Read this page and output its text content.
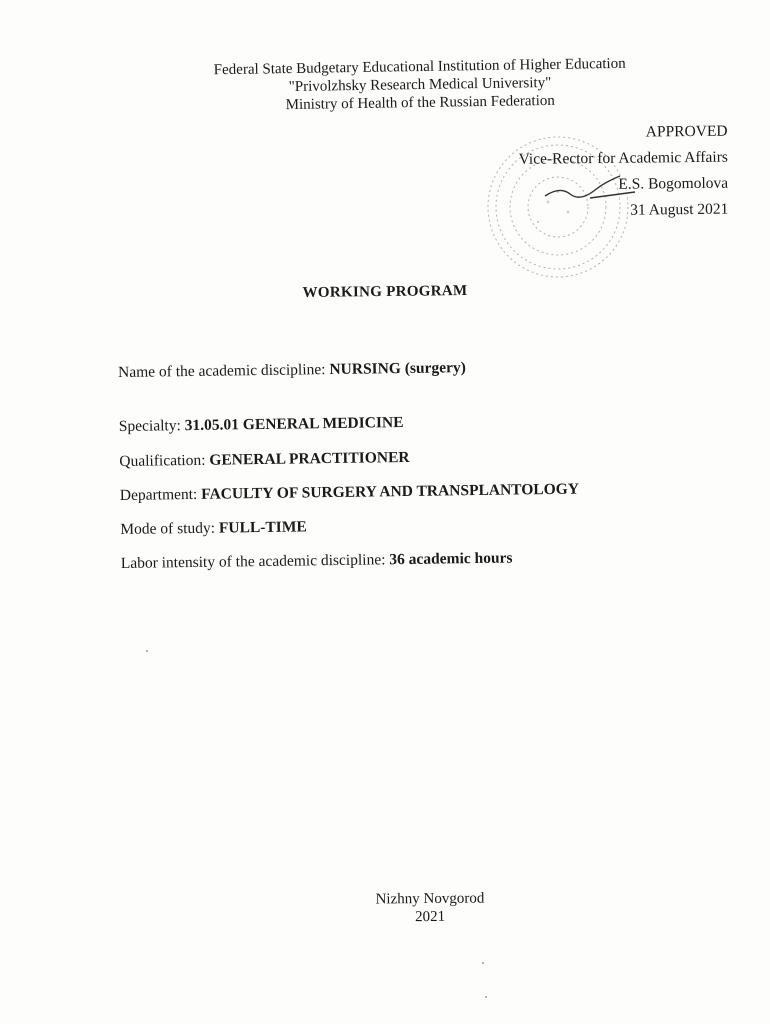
Federal State Budgetary Educational Institution of Higher Education
"Privolzhsky Research Medical University"
Ministry of Health of the Russian Federation
APPROVED
Vice-Rector for Academic Affairs
E.S. Bogomolova
31 August 2021
WORKING PROGRAM
Name of the academic discipline: NURSING (surgery)
Specialty: 31.05.01 GENERAL MEDICINE
Qualification: GENERAL PRACTITIONER
Department: FACULTY OF SURGERY AND TRANSPLANTOLOGY
Mode of study: FULL-TIME
Labor intensity of the academic discipline: 36 academic hours
Nizhny Novgorod
2021
